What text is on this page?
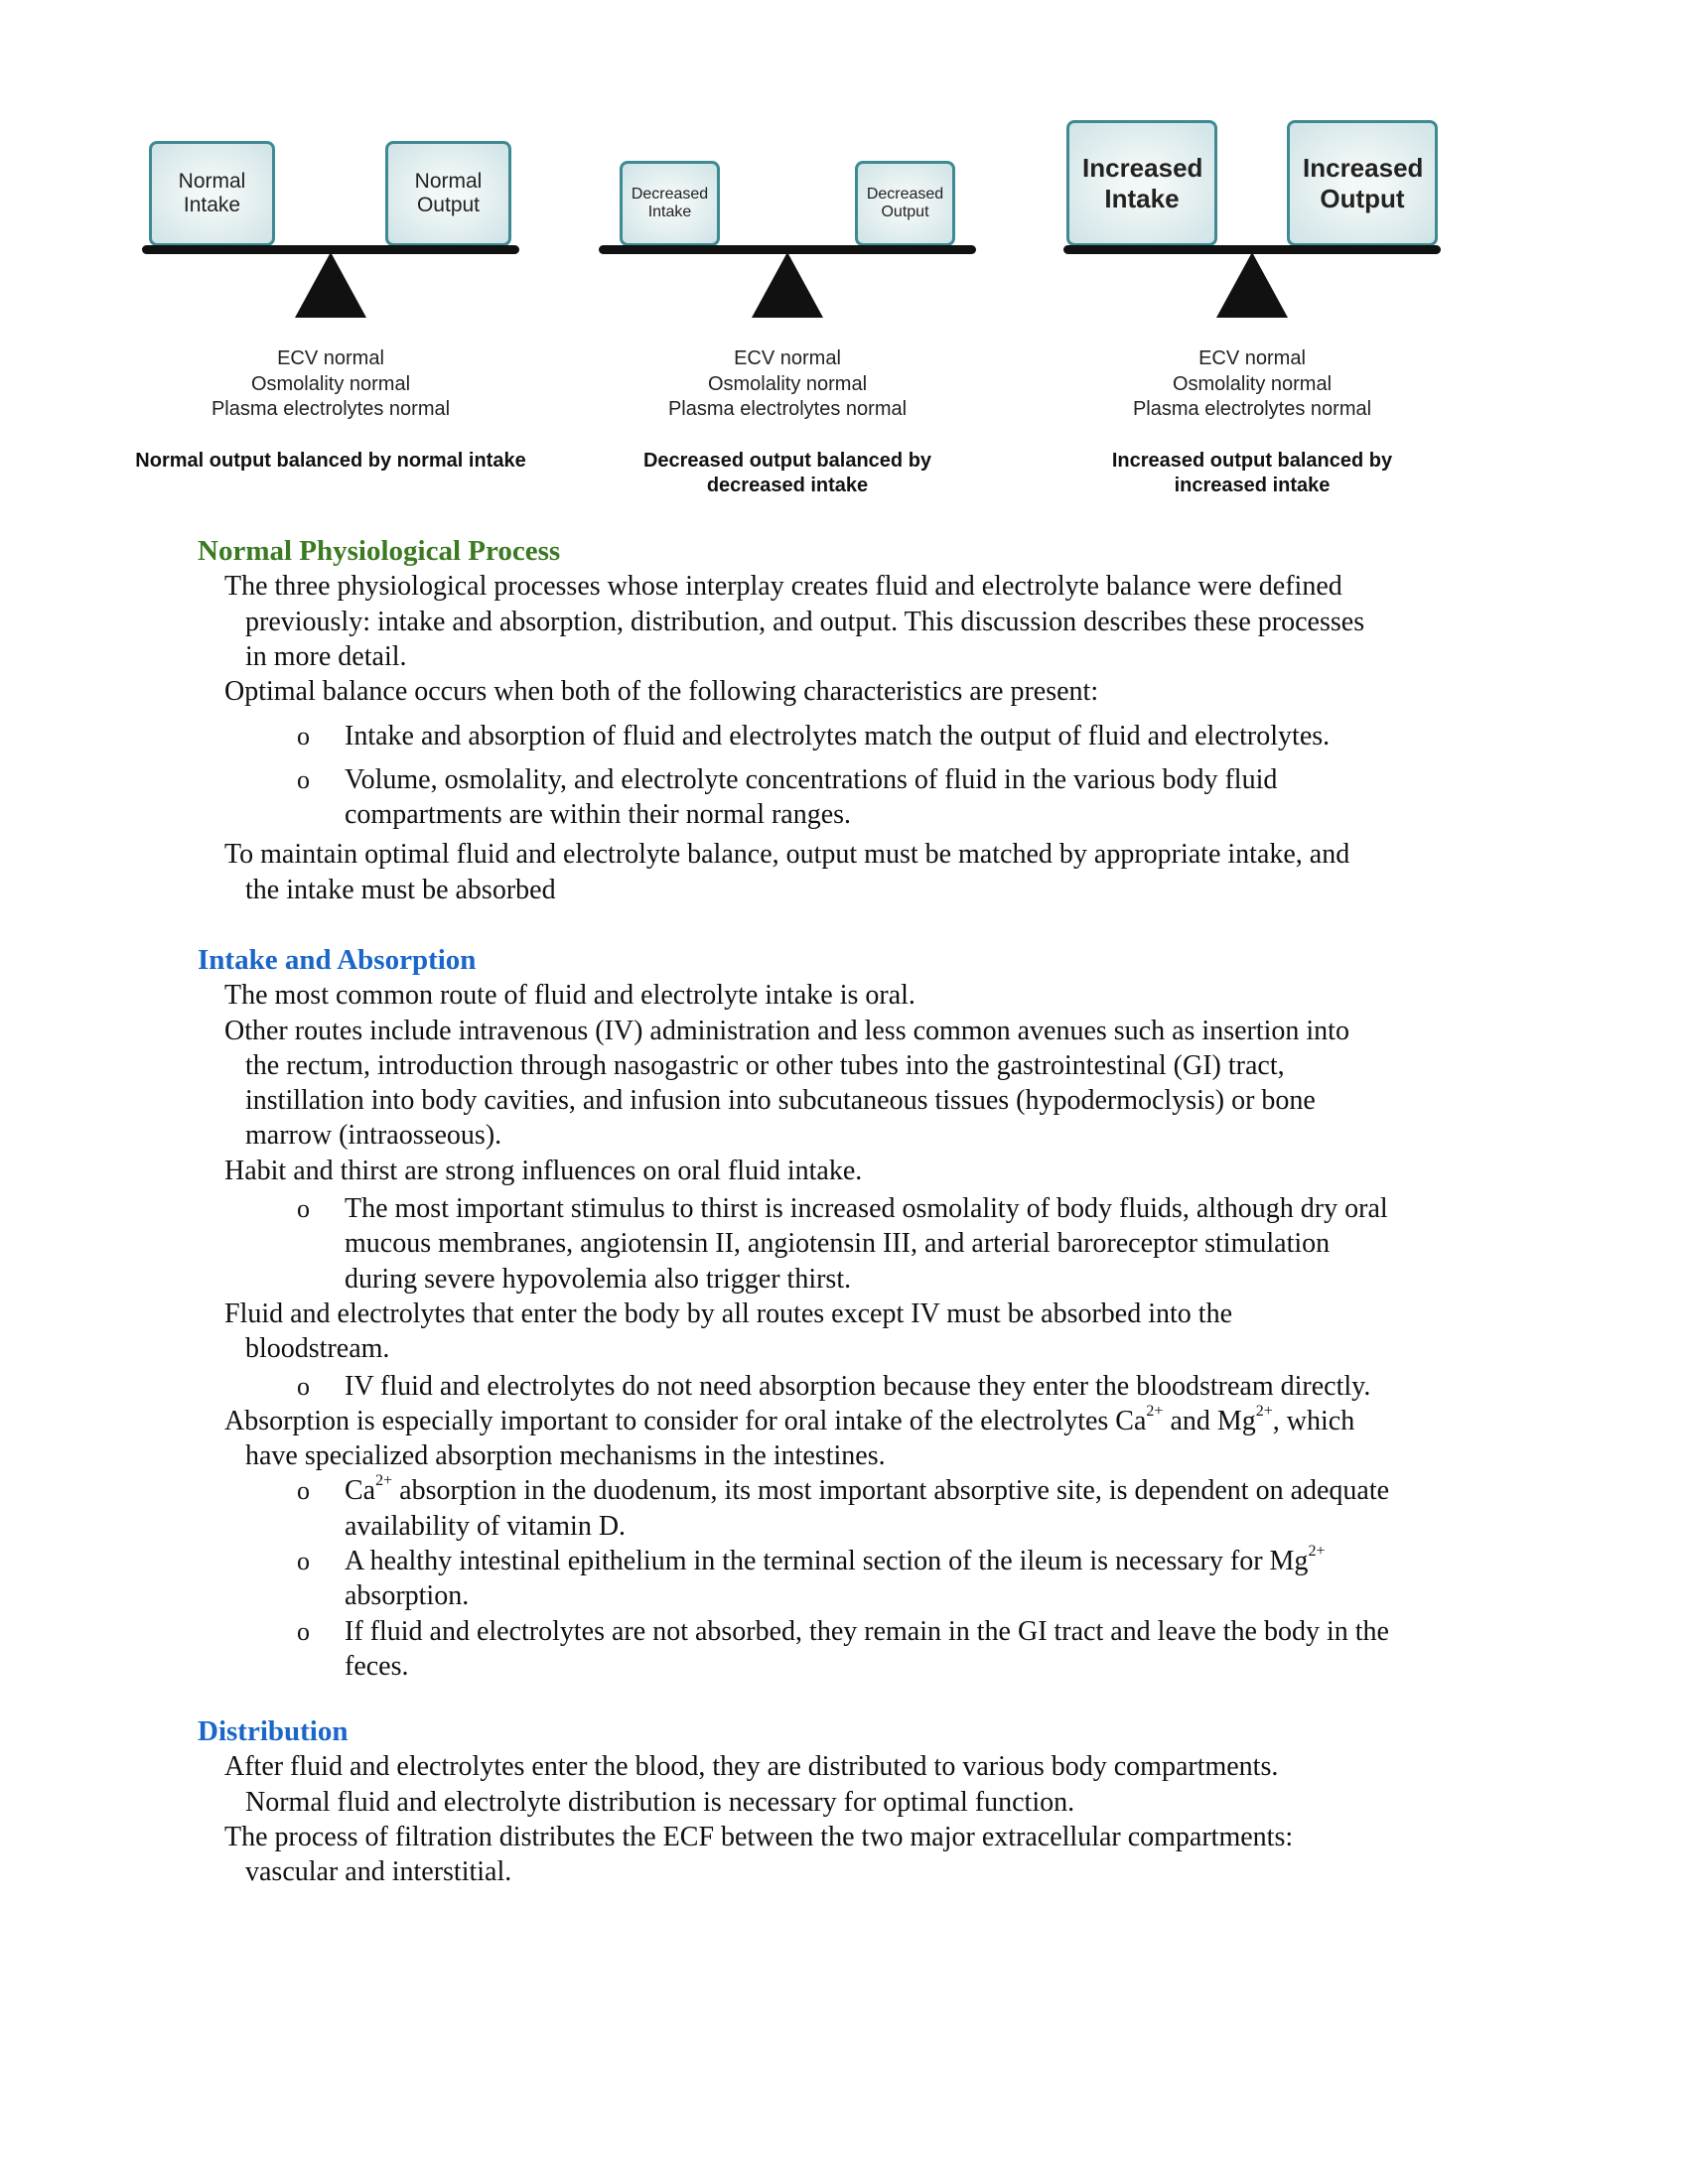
Normal Intake
Normal Output
ECV normal
Osmolality normal
Plasma electrolytes normal
Normal output balanced by normal intake
Decreased Intake
Decreased Output
ECV normal
Osmolality normal
Plasma electrolytes normal
Decreased output balanced by
decreased intake
Increased Intake
Increased Output
ECV normal
Osmolality normal
Plasma electrolytes normal
Increased output balanced by
increased intake
Normal Physiological Process
The three physiological processes whose interplay creates fluid and electrolyte balance were defined
previously: intake and absorption, distribution, and output. This discussion describes these processes
in more detail.
Optimal balance occurs when both of the following characteristics are present:
o	Intake and absorption of fluid and electrolytes match the output of fluid and electrolytes.
o	Volume, osmolality, and electrolyte concentrations of fluid in the various body fluid
compartments are within their normal ranges.
To maintain optimal fluid and electrolyte balance, output must be matched by appropriate intake, and
the intake must be absorbed
Intake and Absorption
The most common route of fluid and electrolyte intake is oral.
Other routes include intravenous (IV) administration and less common avenues such as insertion into
the rectum, introduction through nasogastric or other tubes into the gastrointestinal (GI) tract,
instillation into body cavities, and infusion into subcutaneous tissues (hypodermoclysis) or bone
marrow (intraosseous).
Habit and thirst are strong influences on oral fluid intake.
o	The most important stimulus to thirst is increased osmolality of body fluids, although dry oral
mucous membranes, angiotensin II, angiotensin III, and arterial baroreceptor stimulation
during severe hypovolemia also trigger thirst.
Fluid and electrolytes that enter the body by all routes except IV must be absorbed into the
bloodstream.
o	IV fluid and electrolytes do not need absorption because they enter the bloodstream directly.
Absorption is especially important to consider for oral intake of the electrolytes $Ca^{2+}$ and $Mg^{2+}$, which
have specialized absorption mechanisms in the intestines.
o	$Ca^{2+}$ absorption in the duodenum, its most important absorptive site, is dependent on adequate
availability of vitamin D.
o	A healthy intestinal epithelium in the terminal section of the ileum is necessary for $Mg^{2+}$
absorption.
o	If fluid and electrolytes are not absorbed, they remain in the GI tract and leave the body in the
feces.
Distribution
After fluid and electrolytes enter the blood, they are distributed to various body compartments.
Normal fluid and electrolyte distribution is necessary for optimal function.
The process of filtration distributes the ECF between the two major extracellular compartments:
vascular and interstitial.
